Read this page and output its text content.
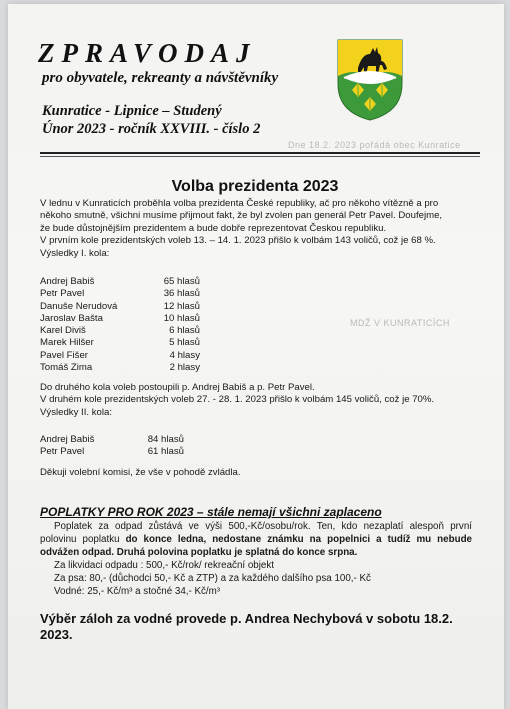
ZPRAVODAJ
pro obyvatele, rekreanty a návštěvníky
Kunratice - Lipnice – Studený
Únor 2023 - ročník XXVIII. - číslo 2
Dne 18.2. 2023 pořádá obec Kunratice
MDŽ V KUNRATICÍCH
Volba prezidenta 2023
V lednu v Kunraticích proběhla volba prezidenta České republiky, ač pro někoho vítězně a pro
někoho smutně, všichni musíme přijmout fakt, že byl zvolen pan generál Petr Pavel. Doufejme,
že bude důstojnějším prezidentem a bude dobře reprezentovat Českou republiku.
V prvním kole prezidentských voleb 13. – 14. 1. 2023 přišlo k volbám 143 voličů, což je 68 %.
Výsledky I. kola:
Andrej Babiš	65 hlasů
Petr Pavel	36 hlasů
Danuše Nerudová	12 hlasů
Jaroslav Bašta	10 hlasů
Karel Diviš	6 hlasů
Marek Hilšer	5 hlasů
Pavel Fišer	4 hlasy
Tomáš Zima	2 hlasy
Do druhého kola voleb postoupili p. Andrej Babiš a p. Petr Pavel.
V druhém kole prezidentských voleb 27. - 28. 1. 2023 přišlo k volbám 145 voličů, což je 70%.
Výsledky II. kola:
Andrej Babiš	84 hlasů
Petr Pavel	61 hlasů
Děkuji volební komisi, že vše v pohodě zvládla.
POPLATKY PRO ROK 2023 – stále nemají všichni zaplaceno

Poplatek za odpad zůstává ve výši 500,-Kč/osobu/rok. Ten, kdo nezaplatí alespoň první polovinu poplatku do konce ledna, nedostane známku na popelnici a tudíž mu nebude odvážen odpad. Druhá polovina poplatku je splatná do konce srpna.

Za likvidaci odpadu : 500,- Kč/rok/ rekreační objekt

Za psa: 80,- (důchodci 50,- Kč a ZTP) a za každého dalšího psa 100,- Kč

Vodné: 25,- Kč/m³ a stočné 34,- Kč/m³

Výběr záloh za vodné provede p. Andrea Nechybová v sobotu 18.2. 2023.
